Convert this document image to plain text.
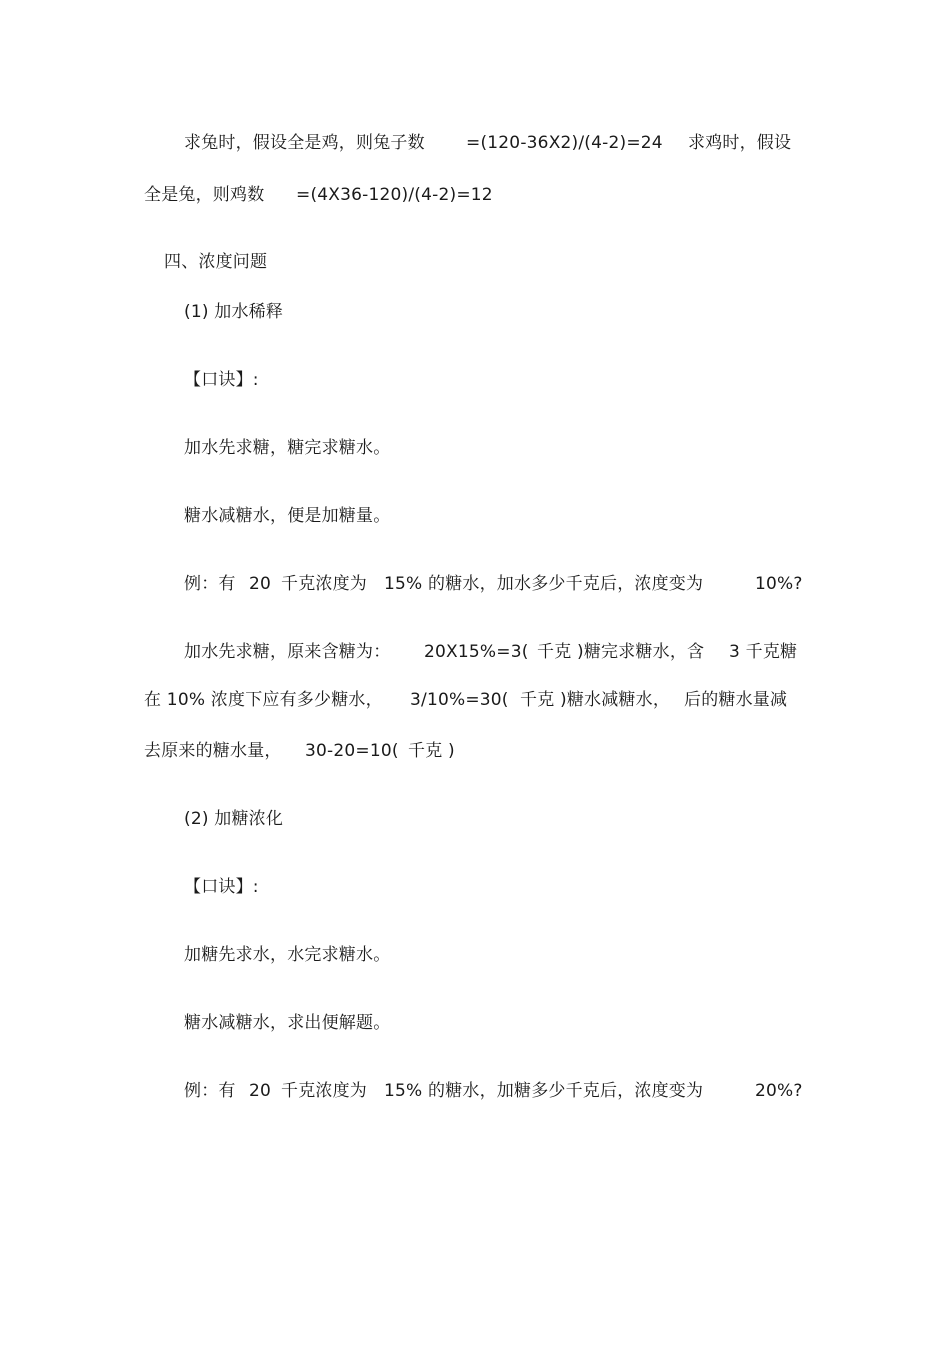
求兔时，假设全是鸡，则兔子数 =(120-36X2)/(4-2)=24 求鸡时，假设
全是兔，则鸡数 =(4X36-120)/(4-2)=12
四、浓度问题
(1) 加水稀释
【口诀】:
加水先求糖，糖完求糖水。
糖水减糖水，便是加糖量。
例：有 20 千克浓度为 15% 的糖水，加水多少千克后，浓度变为	10%?
加水先求糖，原来含糖为： 20X15%=3( 千克 )糖完求糖水，含 3 千克糖
在 10% 浓度下应有多少糖水， 3/10%=30( 千克 )糖水减糖水， 后的糖水量减
去原来的糖水量， 30-20=10( 千克 )
(2) 加糖浓化
【口诀】:
加糖先求水，水完求糖水。
糖水减糖水，求出便解题。
例：有 20 千克浓度为 15% 的糖水，加糖多少千克后，浓度变为	20%?
